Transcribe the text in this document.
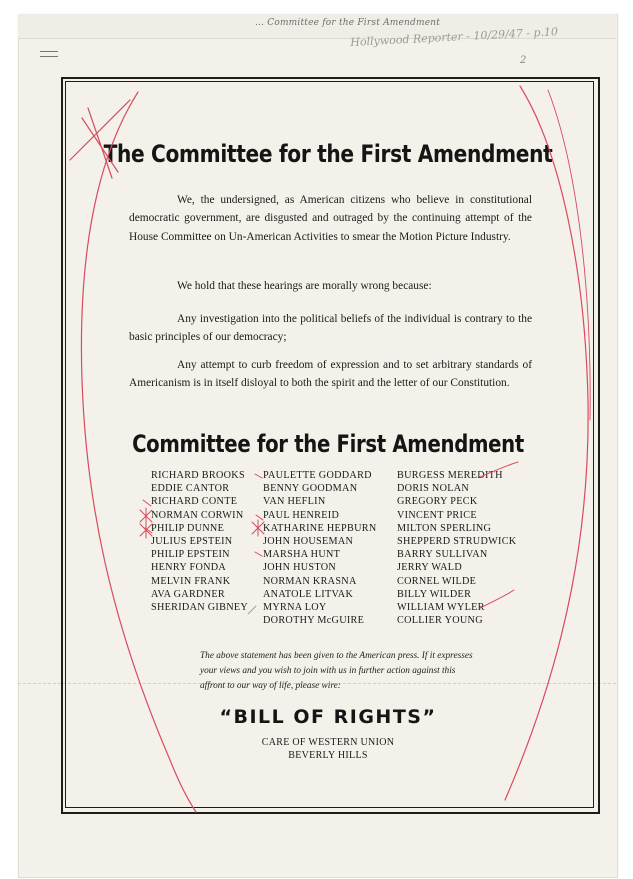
... Committee for the First Amendment
Hollywood Reporter - 10/29/47 - p.10
2
The Committee for the First Amendment

We, the undersigned, as American citizens who believe in constitutional democratic government, are disgusted and outraged by the continuing attempt of the House Committee on Un-American Activities to smear the Motion Picture Industry.

We hold that these hearings are morally wrong because:

Any investigation into the political beliefs of the individual is contrary to the basic principles of our democracy;

Any attempt to curb freedom of expression and to set arbitrary standards of Americanism is in itself disloyal to both the spirit and the letter of our Constitution.

Committee for the First Amendment
RICHARD BROOKS
EDDIE CANTOR
RICHARD CONTE
NORMAN CORWIN
PHILIP DUNNE
JULIUS EPSTEIN
PHILIP EPSTEIN
HENRY FONDA
MELVIN FRANK
AVA GARDNER
SHERIDAN GIBNEY
PAULETTE GODDARD
BENNY GOODMAN
VAN HEFLIN
PAUL HENREID
KATHARINE HEPBURN
JOHN HOUSEMAN
MARSHA HUNT
JOHN HUSTON
NORMAN KRASNA
ANATOLE LITVAK
MYRNA LOY
DOROTHY McGUIRE
BURGESS MEREDITH
DORIS NOLAN
GREGORY PECK
VINCENT PRICE
MILTON SPERLING
SHEPPERD STRUDWICK
BARRY SULLIVAN
JERRY WALD
CORNEL WILDE
BILLY WILDER
WILLIAM WYLER
COLLIER YOUNG

The above statement has been given to the American press. If it expresses your views and you wish to join with us in further action against this affront to our way of life, please wire:

“BILL OF RIGHTS”

CARE OF WESTERN UNION

BEVERLY HILLS
